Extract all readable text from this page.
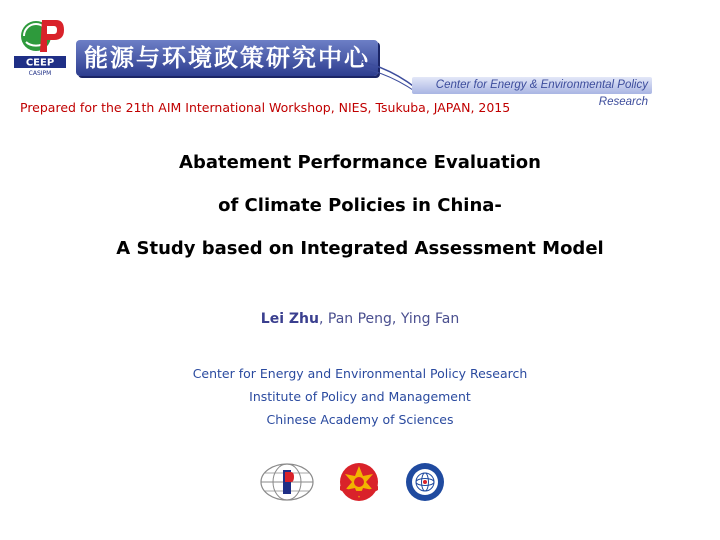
CEEP
CASIPM
能源与环境政策研究中心
Center for Energy & Environmental Policy Research
Prepared for the 21th AIM International Workshop, NIES, Tsukuba, JAPAN, 2015
Abatement Performance Evaluation
of Climate Policies in China-
A Study based on Integrated Assessment Model
Lei Zhu, Pan Peng, Ying Fan
Center for Energy and Environmental Policy Research
Institute of Policy and Management
Chinese Academy of Sciences
